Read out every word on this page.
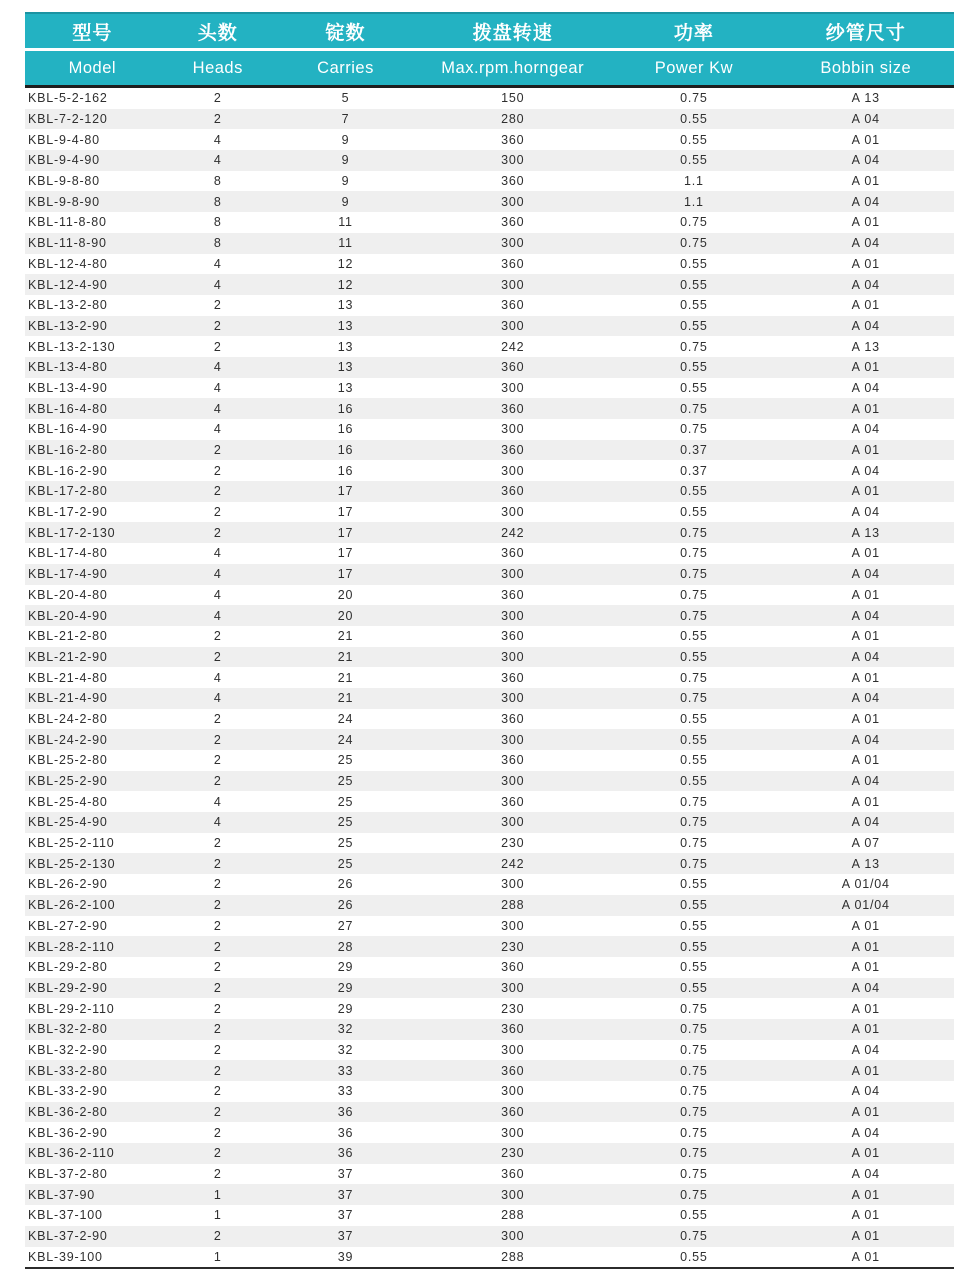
型号	头数	锭数	拨盘转速	功率	纱管尺寸
Model	Heads	Carries	Max.rpm.horngear	Power Kw	Bobbin size
KBL-5-2-162	2	5	150	0.75	A 13
KBL-7-2-120	2	7	280	0.55	A 04
KBL-9-4-80	4	9	360	0.55	A 01
KBL-9-4-90	4	9	300	0.55	A 04
KBL-9-8-80	8	9	360	1.1	A 01
KBL-9-8-90	8	9	300	1.1	A 04
KBL-11-8-80	8	11	360	0.75	A 01
KBL-11-8-90	8	11	300	0.75	A 04
KBL-12-4-80	4	12	360	0.55	A 01
KBL-12-4-90	4	12	300	0.55	A 04
KBL-13-2-80	2	13	360	0.55	A 01
KBL-13-2-90	2	13	300	0.55	A 04
KBL-13-2-130	2	13	242	0.75	A 13
KBL-13-4-80	4	13	360	0.55	A 01
KBL-13-4-90	4	13	300	0.55	A 04
KBL-16-4-80	4	16	360	0.75	A 01
KBL-16-4-90	4	16	300	0.75	A 04
KBL-16-2-80	2	16	360	0.37	A 01
KBL-16-2-90	2	16	300	0.37	A 04
KBL-17-2-80	2	17	360	0.55	A 01
KBL-17-2-90	2	17	300	0.55	A 04
KBL-17-2-130	2	17	242	0.75	A 13
KBL-17-4-80	4	17	360	0.75	A 01
KBL-17-4-90	4	17	300	0.75	A 04
KBL-20-4-80	4	20	360	0.75	A 01
KBL-20-4-90	4	20	300	0.75	A 04
KBL-21-2-80	2	21	360	0.55	A 01
KBL-21-2-90	2	21	300	0.55	A 04
KBL-21-4-80	4	21	360	0.75	A 01
KBL-21-4-90	4	21	300	0.75	A 04
KBL-24-2-80	2	24	360	0.55	A 01
KBL-24-2-90	2	24	300	0.55	A 04
KBL-25-2-80	2	25	360	0.55	A 01
KBL-25-2-90	2	25	300	0.55	A 04
KBL-25-4-80	4	25	360	0.75	A 01
KBL-25-4-90	4	25	300	0.75	A 04
KBL-25-2-110	2	25	230	0.75	A 07
KBL-25-2-130	2	25	242	0.75	A 13
KBL-26-2-90	2	26	300	0.55	A 01/04
KBL-26-2-100	2	26	288	0.55	A 01/04
KBL-27-2-90	2	27	300	0.55	A 01
KBL-28-2-110	2	28	230	0.55	A 01
KBL-29-2-80	2	29	360	0.55	A 01
KBL-29-2-90	2	29	300	0.55	A 04
KBL-29-2-110	2	29	230	0.75	A 01
KBL-32-2-80	2	32	360	0.75	A 01
KBL-32-2-90	2	32	300	0.75	A 04
KBL-33-2-80	2	33	360	0.75	A 01
KBL-33-2-90	2	33	300	0.75	A 04
KBL-36-2-80	2	36	360	0.75	A 01
KBL-36-2-90	2	36	300	0.75	A 04
KBL-36-2-110	2	36	230	0.75	A 01
KBL-37-2-80	2	37	360	0.75	A 04
KBL-37-90	1	37	300	0.75	A 01
KBL-37-100	1	37	288	0.55	A 01
KBL-37-2-90	2	37	300	0.75	A 01
KBL-39-100	1	39	288	0.55	A 01
